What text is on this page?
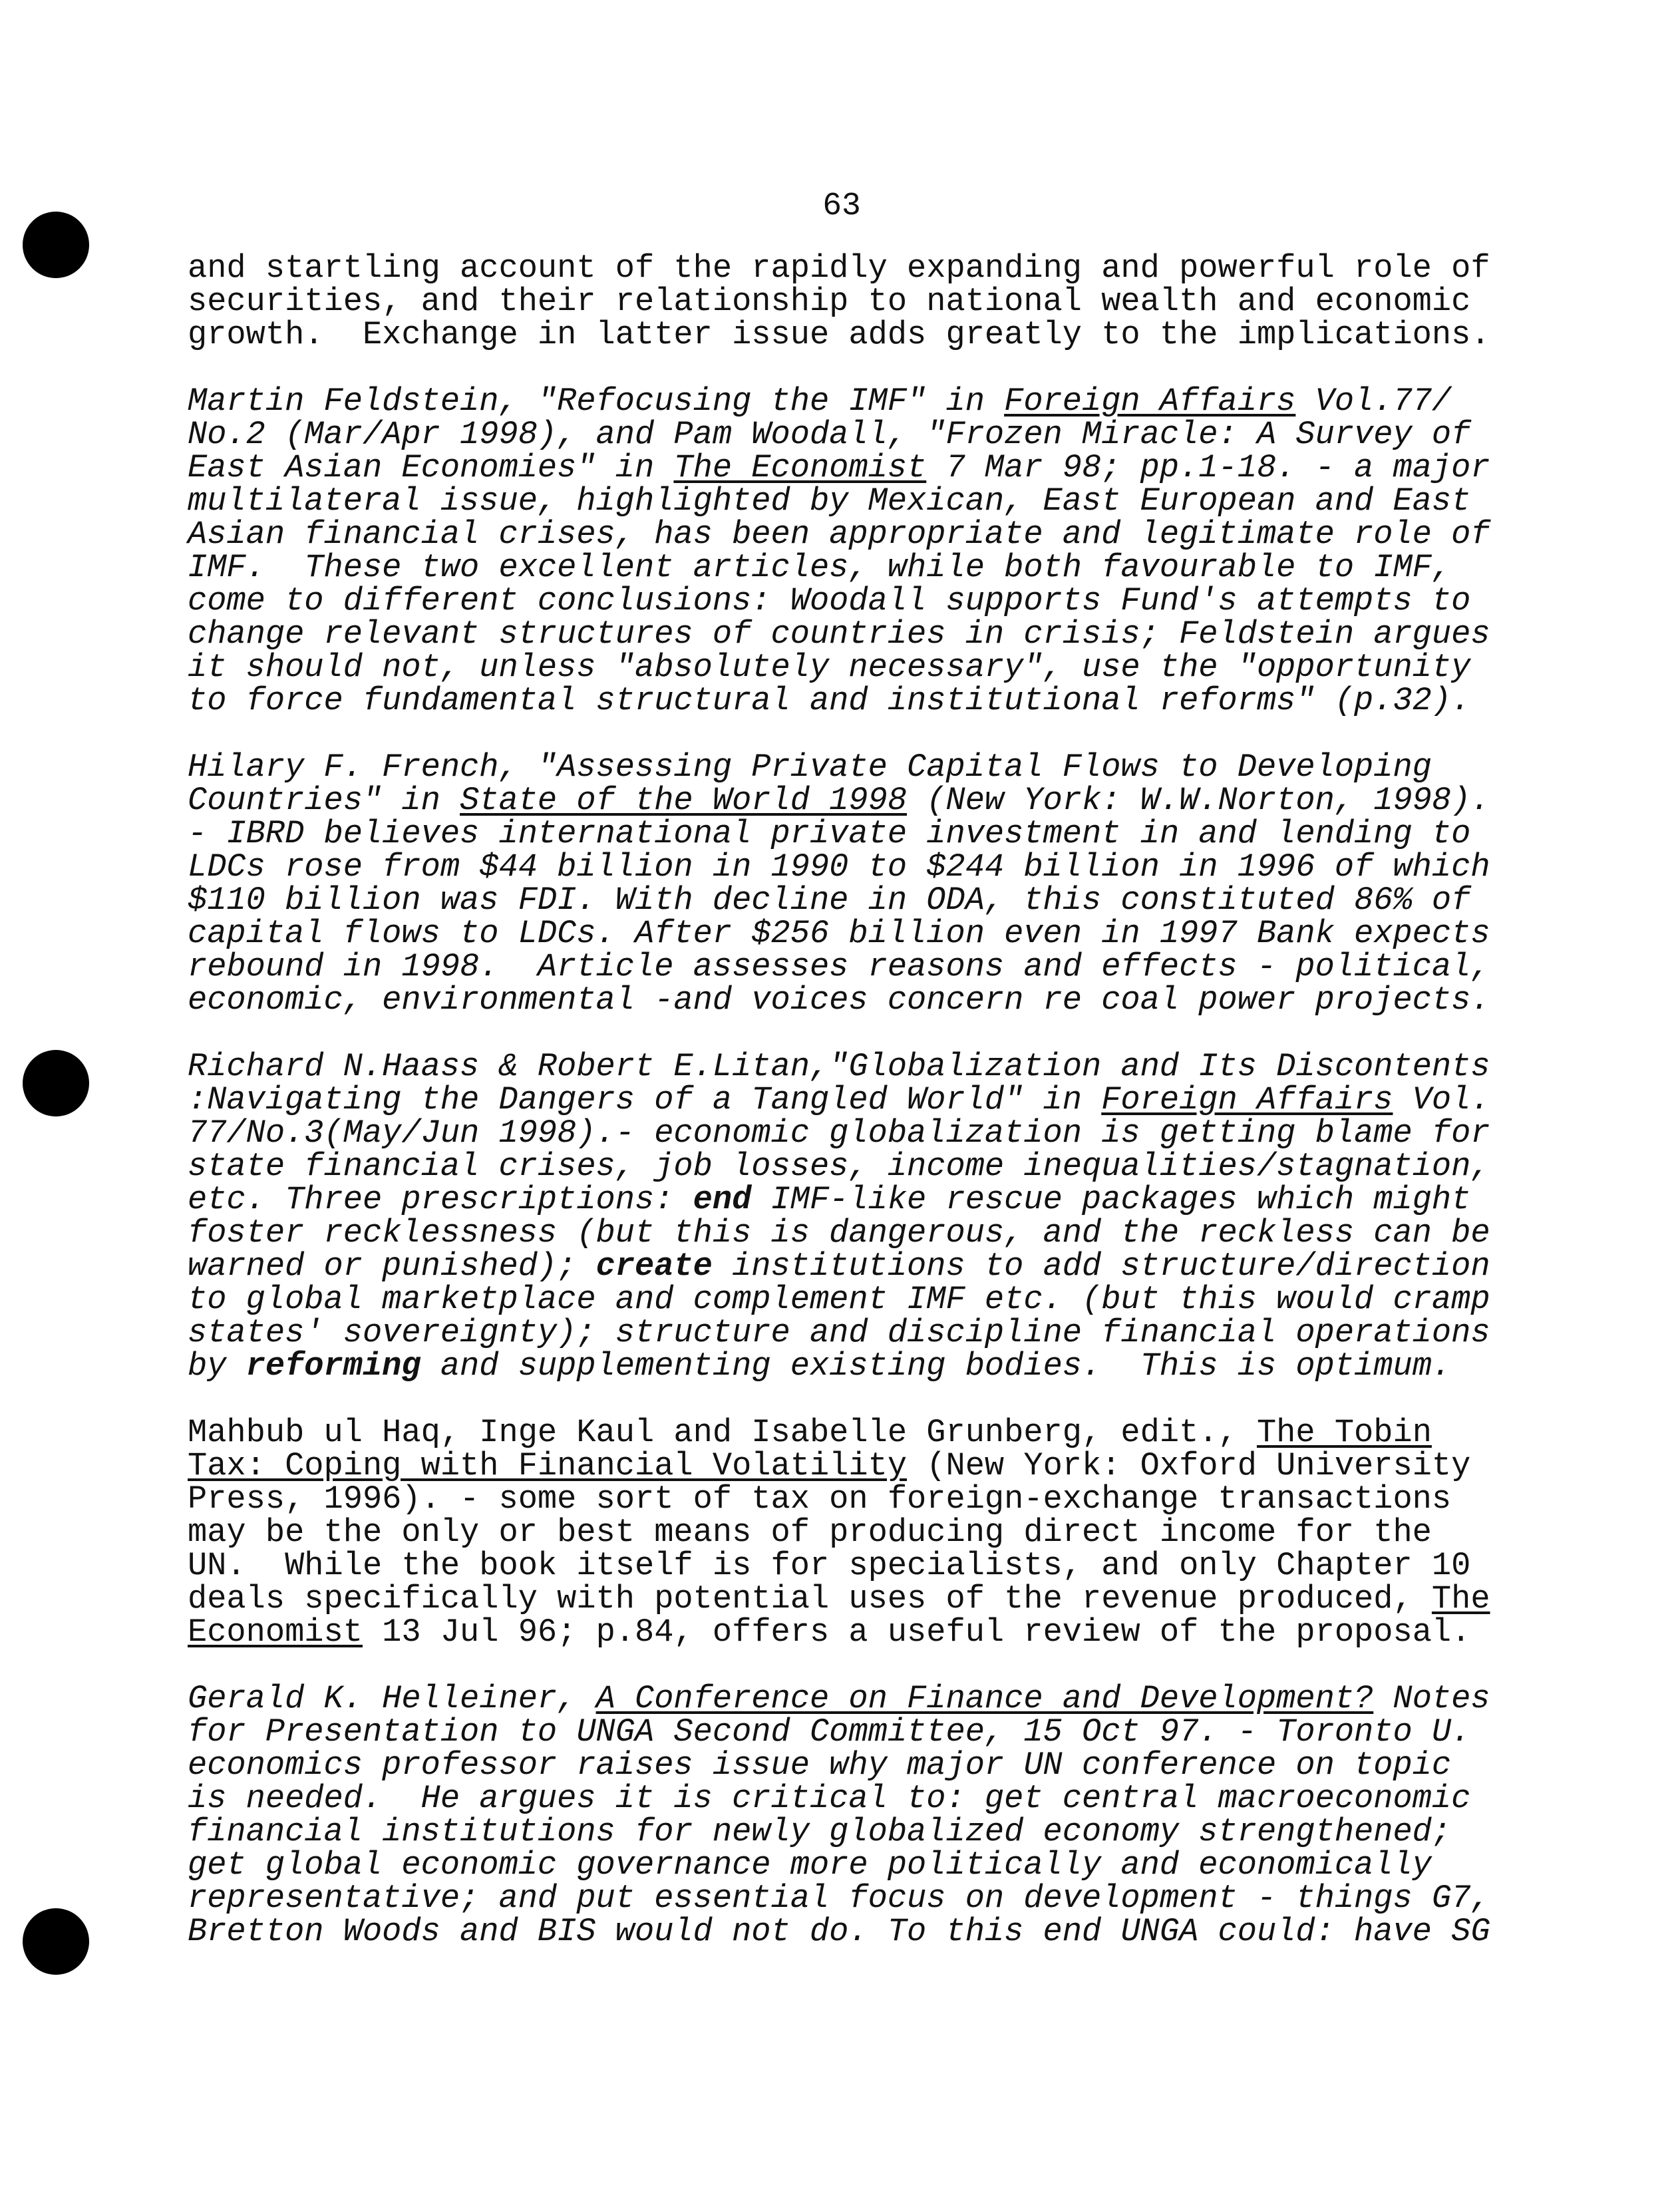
63
and startling account of the rapidly expanding and powerful role of
securities, and their relationship to national wealth and economic
growth.  Exchange in latter issue adds greatly to the implications.
Martin Feldstein, "Refocusing the IMF" in Foreign Affairs Vol.77/
No.2 (Mar/Apr 1998), and Pam Woodall, "Frozen Miracle: A Survey of
East Asian Economies" in The Economist 7 Mar 98; pp.1-18. - a major
multilateral issue, highlighted by Mexican, East European and East
Asian financial crises, has been appropriate and legitimate role of
IMF.  These two excellent articles, while both favourable to IMF,
come to different conclusions: Woodall supports Fund's attempts to
change relevant structures of countries in crisis; Feldstein argues
it should not, unless "absolutely necessary", use the "opportunity
to force fundamental structural and institutional reforms" (p.32).
Hilary F. French, "Assessing Private Capital Flows to Developing
Countries" in State of the World 1998 (New York: W.W.Norton, 1998).
- IBRD believes international private investment in and lending to
LDCs rose from $44 billion in 1990 to $244 billion in 1996 of which
$110 billion was FDI. With decline in ODA, this constituted 86% of
capital flows to LDCs. After $256 billion even in 1997 Bank expects
rebound in 1998.  Article assesses reasons and effects - political,
economic, environmental -and voices concern re coal power projects.
Richard N.Haass & Robert E.Litan,"Globalization and Its Discontents
:Navigating the Dangers of a Tangled World" in Foreign Affairs Vol.
77/No.3(May/Jun 1998).- economic globalization is getting blame for
state financial crises, job losses, income inequalities/stagnation,
etc. Three prescriptions: end IMF-like rescue packages which might
foster recklessness (but this is dangerous, and the reckless can be
warned or punished); create institutions to add structure/direction
to global marketplace and complement IMF etc. (but this would cramp
states' sovereignty); structure and discipline financial operations
by reforming and supplementing existing bodies.  This is optimum.
Mahbub ul Haq, Inge Kaul and Isabelle Grunberg, edit., The Tobin
Tax: Coping with Financial Volatility (New York: Oxford University
Press, 1996). - some sort of tax on foreign-exchange transactions
may be the only or best means of producing direct income for the
UN.  While the book itself is for specialists, and only Chapter 10
deals specifically with potential uses of the revenue produced, The
Economist 13 Jul 96; p.84, offers a useful review of the proposal.
Gerald K. Helleiner, A Conference on Finance and Development? Notes
for Presentation to UNGA Second Committee, 15 Oct 97. - Toronto U.
economics professor raises issue why major UN conference on topic
is needed.  He argues it is critical to: get central macroeconomic
financial institutions for newly globalized economy strengthened;
get global economic governance more politically and economically
representative; and put essential focus on development - things G7,
Bretton Woods and BIS would not do. To this end UNGA could: have SG
